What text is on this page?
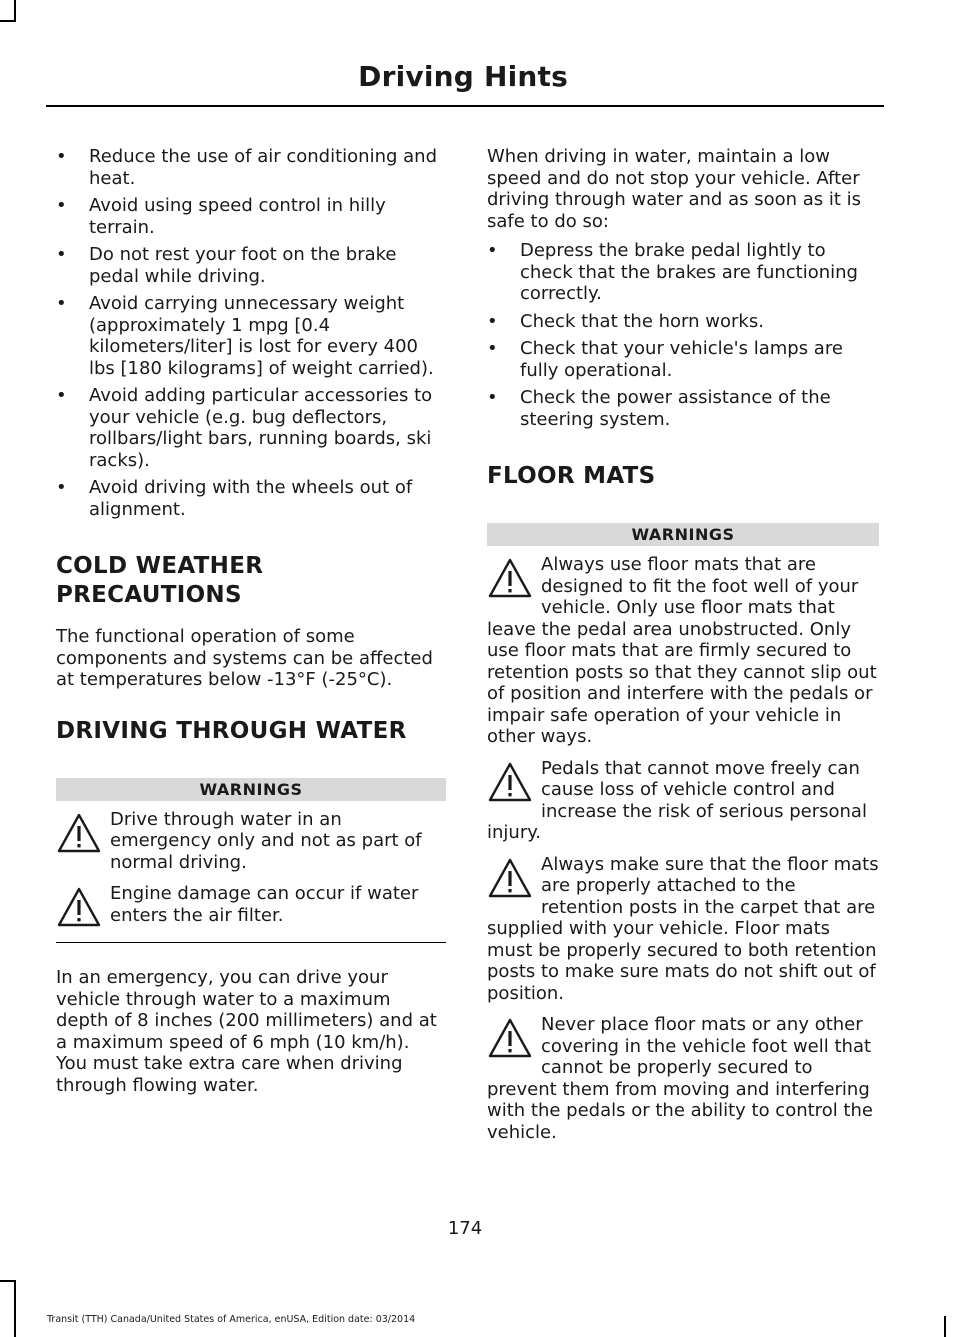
Driving Hints
• Reduce the use of air conditioning and heat.
• Avoid using speed control in hilly terrain.
• Do not rest your foot on the brake pedal while driving.
• Avoid carrying unnecessary weight (approximately 1 mpg [0.4 kilometers/liter] is lost for every 400 lbs [180 kilograms] of weight carried).
• Avoid adding particular accessories to your vehicle (e.g. bug deflectors, rollbars/light bars, running boards, ski racks).
• Avoid driving with the wheels out of alignment.
COLD WEATHER
PRECAUTIONS

The functional operation of some components and systems can be affected at temperatures below -13°F (-25°C).

DRIVING THROUGH WATER
WARNINGS

Drive through water in an emergency only and not as part of normal driving.

Engine damage can occur if water enters the air filter.

In an emergency, you can drive your vehicle through water to a maximum depth of 8 inches (200 millimeters) and at a maximum speed of 6 mph (10 km/h). You must take extra care when driving through flowing water.

When driving in water, maintain a low speed and do not stop your vehicle. After driving through water and as soon as it is safe to do so:

• Depress the brake pedal lightly to check that the brakes are functioning correctly.
• Check that the horn works.
• Check that your vehicle's lamps are fully operational.
• Check the power assistance of the steering system.
FLOOR MATS
WARNINGS

Always use floor mats that are designed to fit the foot well of your vehicle. Only use floor mats that leave the pedal area unobstructed. Only use floor mats that are firmly secured to retention posts so that they cannot slip out of position and interfere with the pedals or impair safe operation of your vehicle in other ways.

Pedals that cannot move freely can cause loss of vehicle control and increase the risk of serious personal injury.

Always make sure that the floor mats are properly attached to the retention posts in the carpet that are supplied with your vehicle. Floor mats must be properly secured to both retention posts to make sure mats do not shift out of position.

Never place floor mats or any other covering in the vehicle foot well that cannot be properly secured to prevent them from moving and interfering with the pedals or the ability to control the vehicle.

174
Transit (TTH) Canada/United States of America, enUSA, Edition date: 03/2014
